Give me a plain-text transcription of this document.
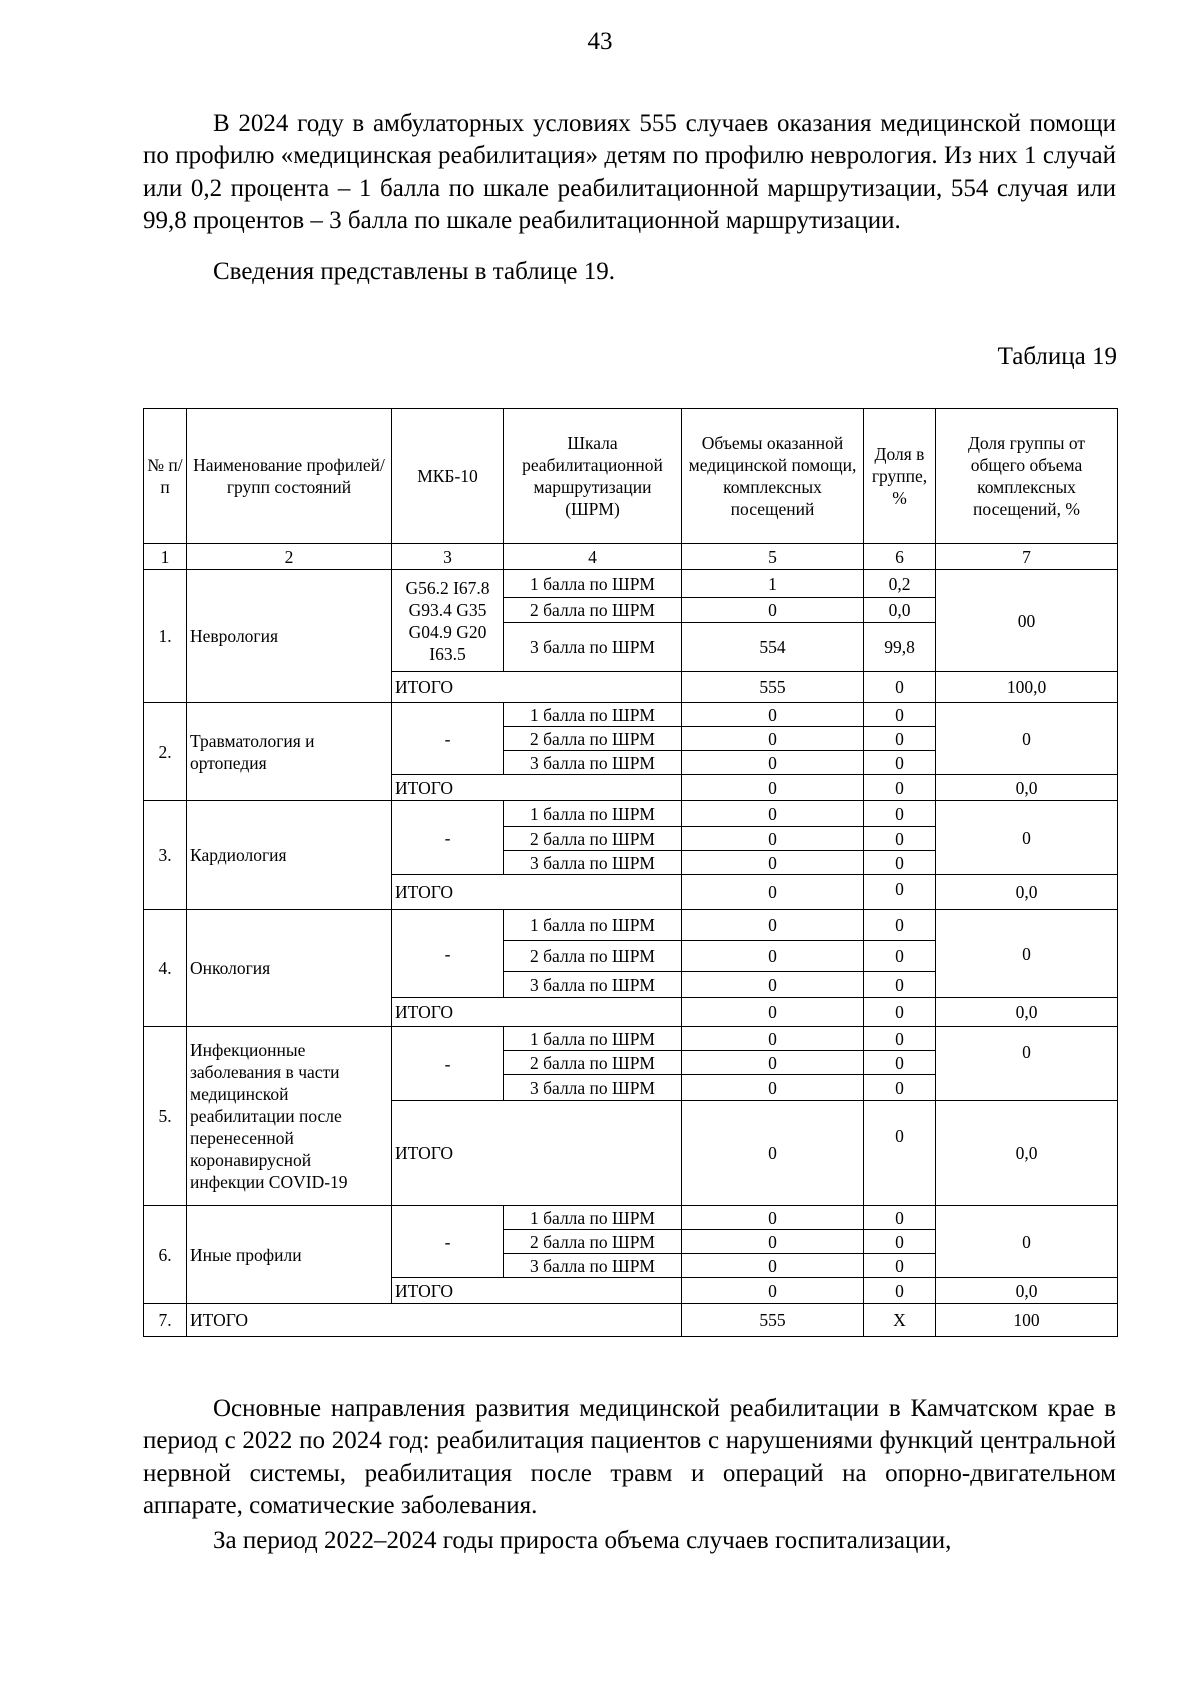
43

В 2024 году в амбулаторных условиях 555 случаев оказания медицинской помощи по профилю «медицинская реабилитация» детям по профилю неврология. Из них 1 случай или 0,2 процента – 1 балла по шкале реабилитационной маршрутизации, 554 случая или 99,8 процентов – 3 балла по шкале реабилитационной маршрутизации.

Сведения представлены в таблице 19.

Таблица 19
№ п/п	Наименование профилей/групп состояний	МКБ-10	Шкала реабилитационной маршрутизации (ШРМ)	Объемы оказанной медицинской помощи, комплексных посещений	Доля в группе, %	Доля группы от общего объема комплексных посещений, %
1	2	3	4	5	6	7
1.	Неврология	G56.2 I67.8 G93.4 G35 G04.9 G20 I63.5	1 балла по ШРМ	1	0,2	00
			2 балла по ШРМ	0	0,0	
			3 балла по ШРМ	554	99,8	
		ИТОГО		555	0	100,0
2.	Травматология и ортопедия	-	1 балла по ШРМ	0	0	0
			2 балла по ШРМ	0	0	
			3 балла по ШРМ	0	0	
		ИТОГО		0	0	0,0
3.	Кардиология	-	1 балла по ШРМ	0	0	0
			2 балла по ШРМ	0	0	
			3 балла по ШРМ	0	0	
		ИТОГО		0	0	0,0
4.	Онкология	-	1 балла по ШРМ	0	0	0
			2 балла по ШРМ	0	0	
			3 балла по ШРМ	0	0	
		ИТОГО		0	0	0,0
5.	Инфекционные заболевания в части медицинской реабилитации после перенесенной коронавирусной инфекции COVID-19	-	1 балла по ШРМ	0	0	0
			2 балла по ШРМ	0	0	
			3 балла по ШРМ	0	0	
		ИТОГО		0	0	0,0
6.	Иные профили	-	1 балла по ШРМ	0	0	0
			2 балла по ШРМ	0	0	
			3 балла по ШРМ	0	0	
		ИТОГО		0	0	0,0
7.	ИТОГО			555	Х	100

Основные направления развития медицинской реабилитации в Камчатском крае в период с 2022 по 2024 год: реабилитация пациентов с нарушениями функций центральной нервной системы, реабилитация после травм и операций на опорно-двигательном аппарате, соматические заболевания.

За период 2022–2024 годы прироста объема случаев госпитализации,
